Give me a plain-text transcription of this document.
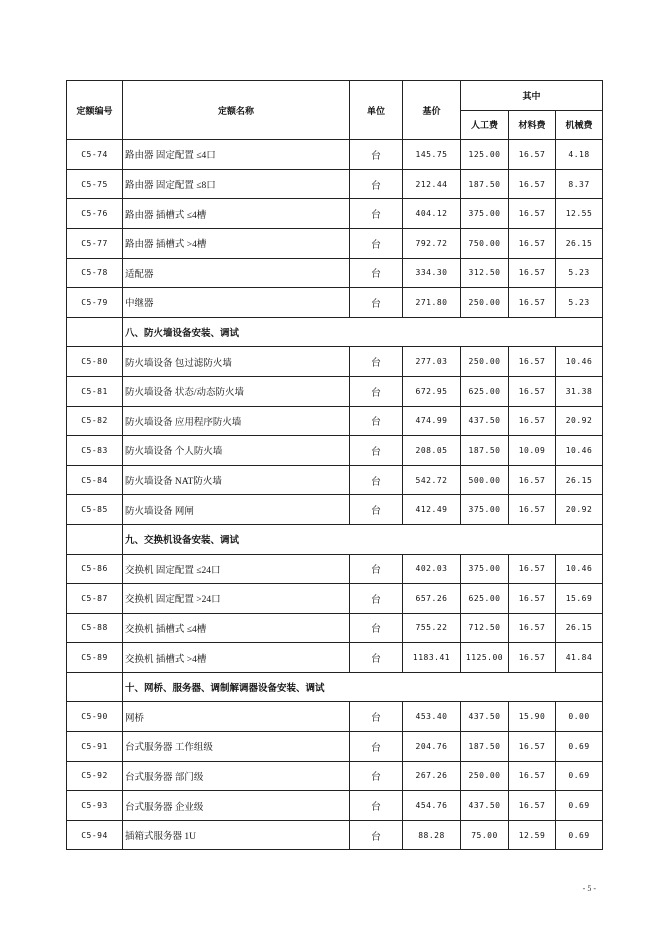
定额编号	定额名称	单位	基价	其中		
				人工费	材料费	机械费
C5-74	路由器 固定配置 ≤4口	台	145.75	125.00	16.57	4.18
C5-75	路由器 固定配置 ≤8口	台	212.44	187.50	16.57	8.37
C5-76	路由器 插槽式 ≤4槽	台	404.12	375.00	16.57	12.55
C5-77	路由器 插槽式 >4槽	台	792.72	750.00	16.57	26.15
C5-78	适配器	台	334.30	312.50	16.57	5.23
C5-79	中继器	台	271.80	250.00	16.57	5.23
	八、防火墙设备安装、调试					
C5-80	防火墙设备 包过滤防火墙	台	277.03	250.00	16.57	10.46
C5-81	防火墙设备 状态/动态防火墙	台	672.95	625.00	16.57	31.38
C5-82	防火墙设备 应用程序防火墙	台	474.99	437.50	16.57	20.92
C5-83	防火墙设备 个人防火墙	台	208.05	187.50	10.09	10.46
C5-84	防火墙设备 NAT防火墙	台	542.72	500.00	16.57	26.15
C5-85	防火墙设备 网闸	台	412.49	375.00	16.57	20.92
	九、交换机设备安装、调试					
C5-86	交换机 固定配置 ≤24口	台	402.03	375.00	16.57	10.46
C5-87	交换机 固定配置 >24口	台	657.26	625.00	16.57	15.69
C5-88	交换机 插槽式 ≤4槽	台	755.22	712.50	16.57	26.15
C5-89	交换机 插槽式 >4槽	台	1183.41	1125.00	16.57	41.84
	十、网桥、服务器、调制解调器设备安装、调试					
C5-90	网桥	台	453.40	437.50	15.90	0.00
C5-91	台式服务器 工作组级	台	204.76	187.50	16.57	0.69
C5-92	台式服务器 部门级	台	267.26	250.00	16.57	0.69
C5-93	台式服务器 企业级	台	454.76	437.50	16.57	0.69
C5-94	插箱式服务器 1U	台	88.28	75.00	12.59	0.69
- 5 -
